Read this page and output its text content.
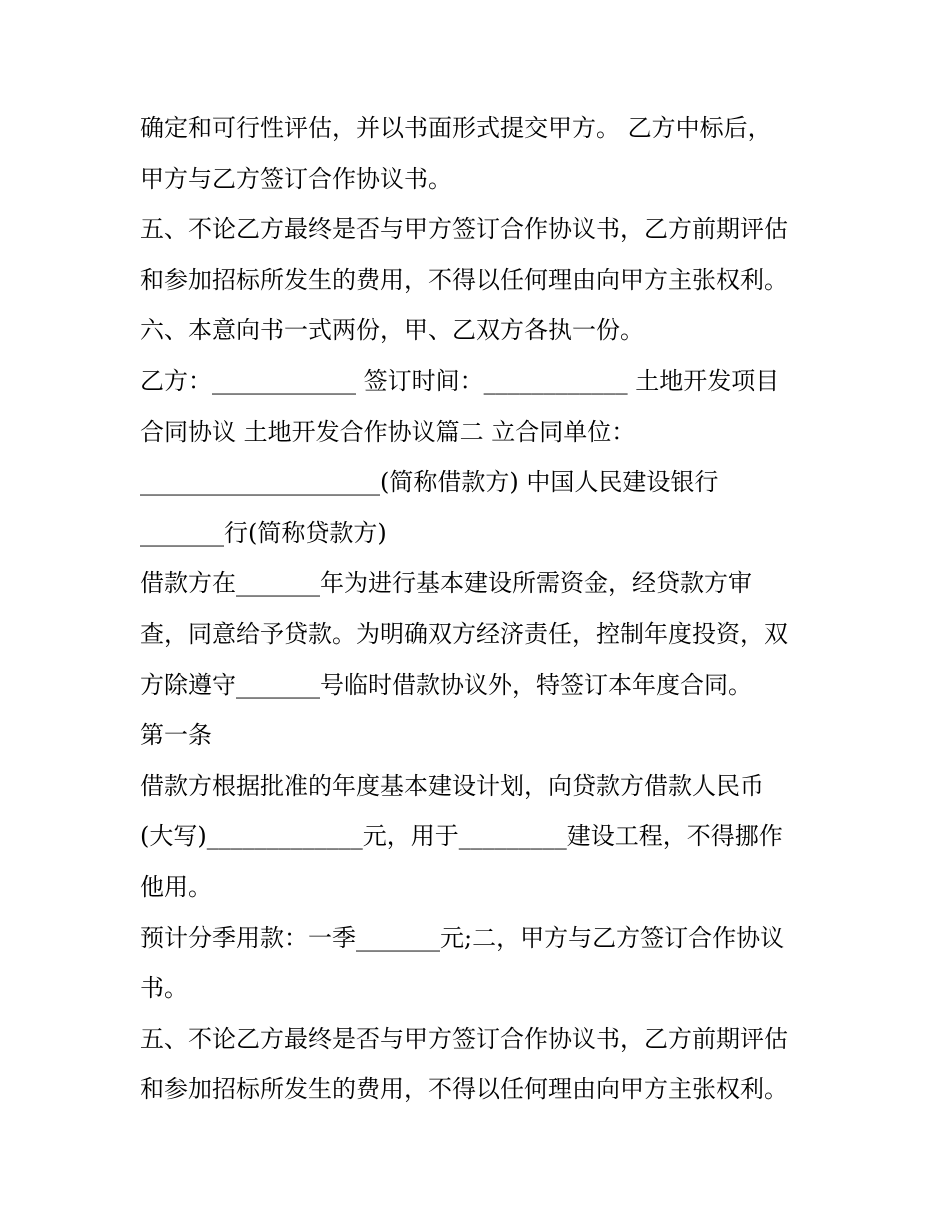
确定和可行性评估，并以书面形式提交甲方。 乙方中标后，
甲方与乙方签订合作协议书。
五、不论乙方最终是否与甲方签订合作协议书，乙方前期评估
和参加招标所发生的费用，不得以任何理由向甲方主张权利。
六、本意向书一式两份，甲、乙双方各执一份。
乙方：____________ 签订时间：____________ 土地开发项目
合同协议 土地开发合作协议篇二 立合同单位：
____________________(简称借款方) 中国人民建设银行
_______行(简称贷款方)
借款方在_______年为进行基本建设所需资金，经贷款方审
查，同意给予贷款。为明确双方经济责任，控制年度投资，双
方除遵守_______号临时借款协议外，特签订本年度合同。
第一条
借款方根据批准的年度基本建设计划，向贷款方借款人民币
(大写)_____________元，用于_________建设工程，不得挪作
他用。
预计分季用款：一季_______元;二，甲方与乙方签订合作协议
书。
五、不论乙方最终是否与甲方签订合作协议书，乙方前期评估
和参加招标所发生的费用，不得以任何理由向甲方主张权利。
